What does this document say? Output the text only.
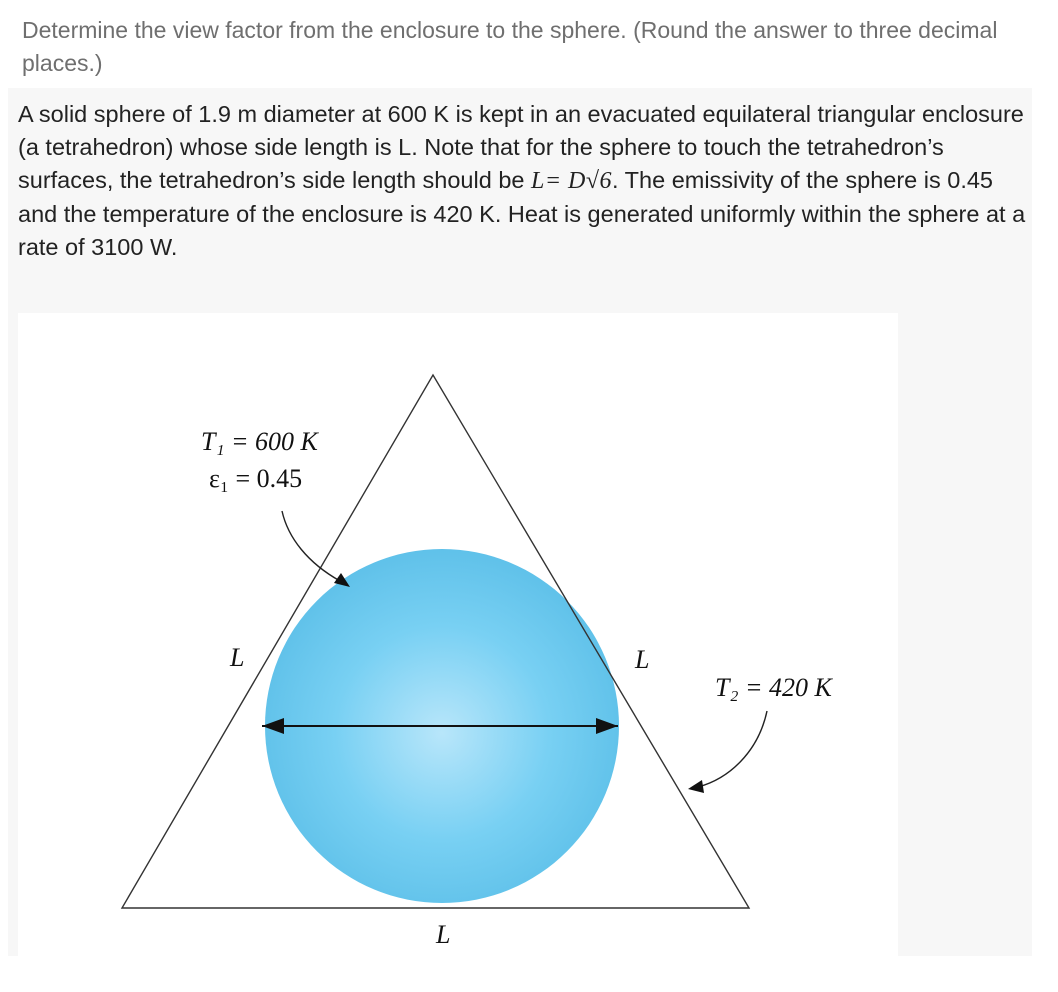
Determine the view factor from the enclosure to the sphere. (Round the answer to three decimal places.)

A solid sphere of 1.9 m diameter at 600 K is kept in an evacuated equilateral triangular enclosure (a tetrahedron) whose side length is L. Note that for the sphere to touch the tetrahedron’s surfaces, the tetrahedron’s side length should be L= D√6. The emissivity of the sphere is 0.45 and the temperature of the enclosure is 420 K. Heat is generated uniformly within the sphere at a rate of 3100 W.

T₁ = 600 K
ε₁ = 0.45
L	L
L
T₂ = 420 K
